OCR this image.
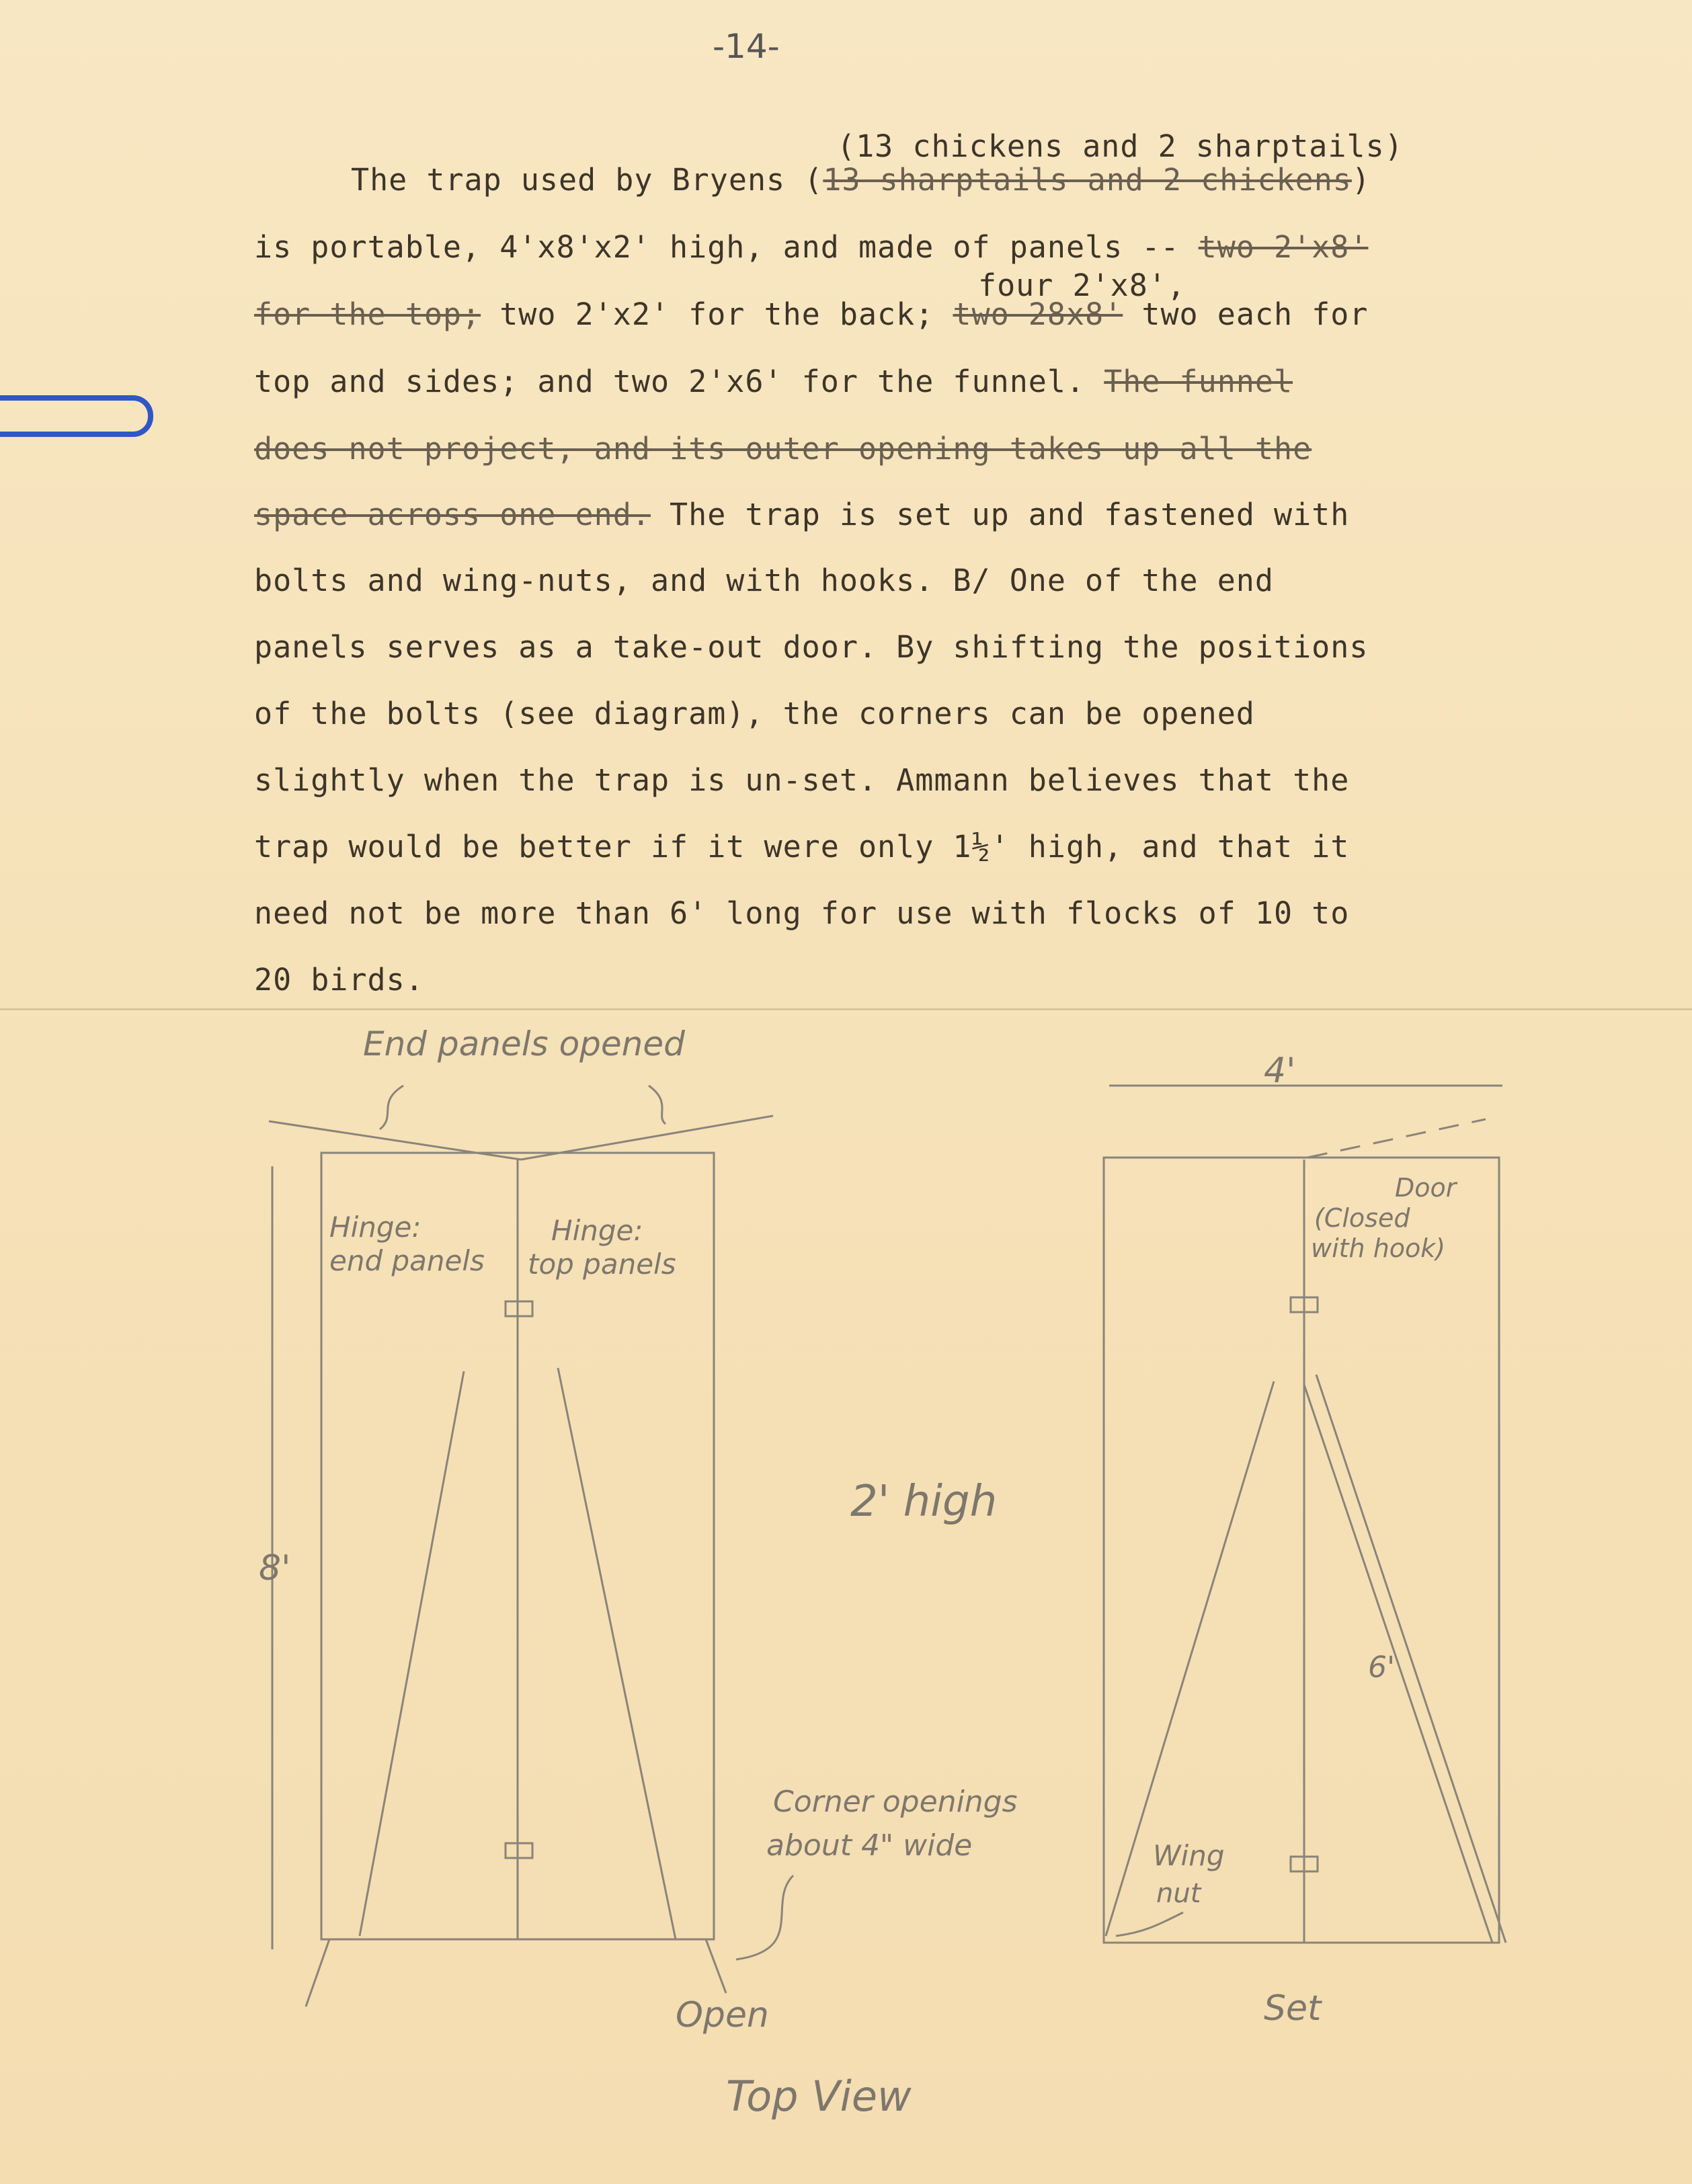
-14-
(13 chickens and 2 sharptails)
The trap used by Bryens (13 sharptails and 2 chickens)
is portable, 4'x8'x2' high, and made of panels -- two 2'x8'
four 2'x8',
for the top; two 2'x2' for the back; two 28x8' two each for
top and sides; and two 2'x6' for the funnel. The funnel
does not project, and its outer opening takes up all the
space across one end. The trap is set up and fastened with
bolts and wing-nuts, and with hooks. B/ One of the end
panels serves as a take-out door. By shifting the positions
of the bolts (see diagram), the corners can be opened
slightly when the trap is un-set. Ammann believes that the
trap would be better if it were only 1½' high, and that it
need not be more than 6' long for use with flocks of 10 to
20 birds.
End panels opened
Hinge:
end panels
Hinge:
top panels
8'
2' high
Corner openings
about 4" wide
Open
4'
Door
(Closed
with hook)
6'
Wing
nut
Set
Top View
